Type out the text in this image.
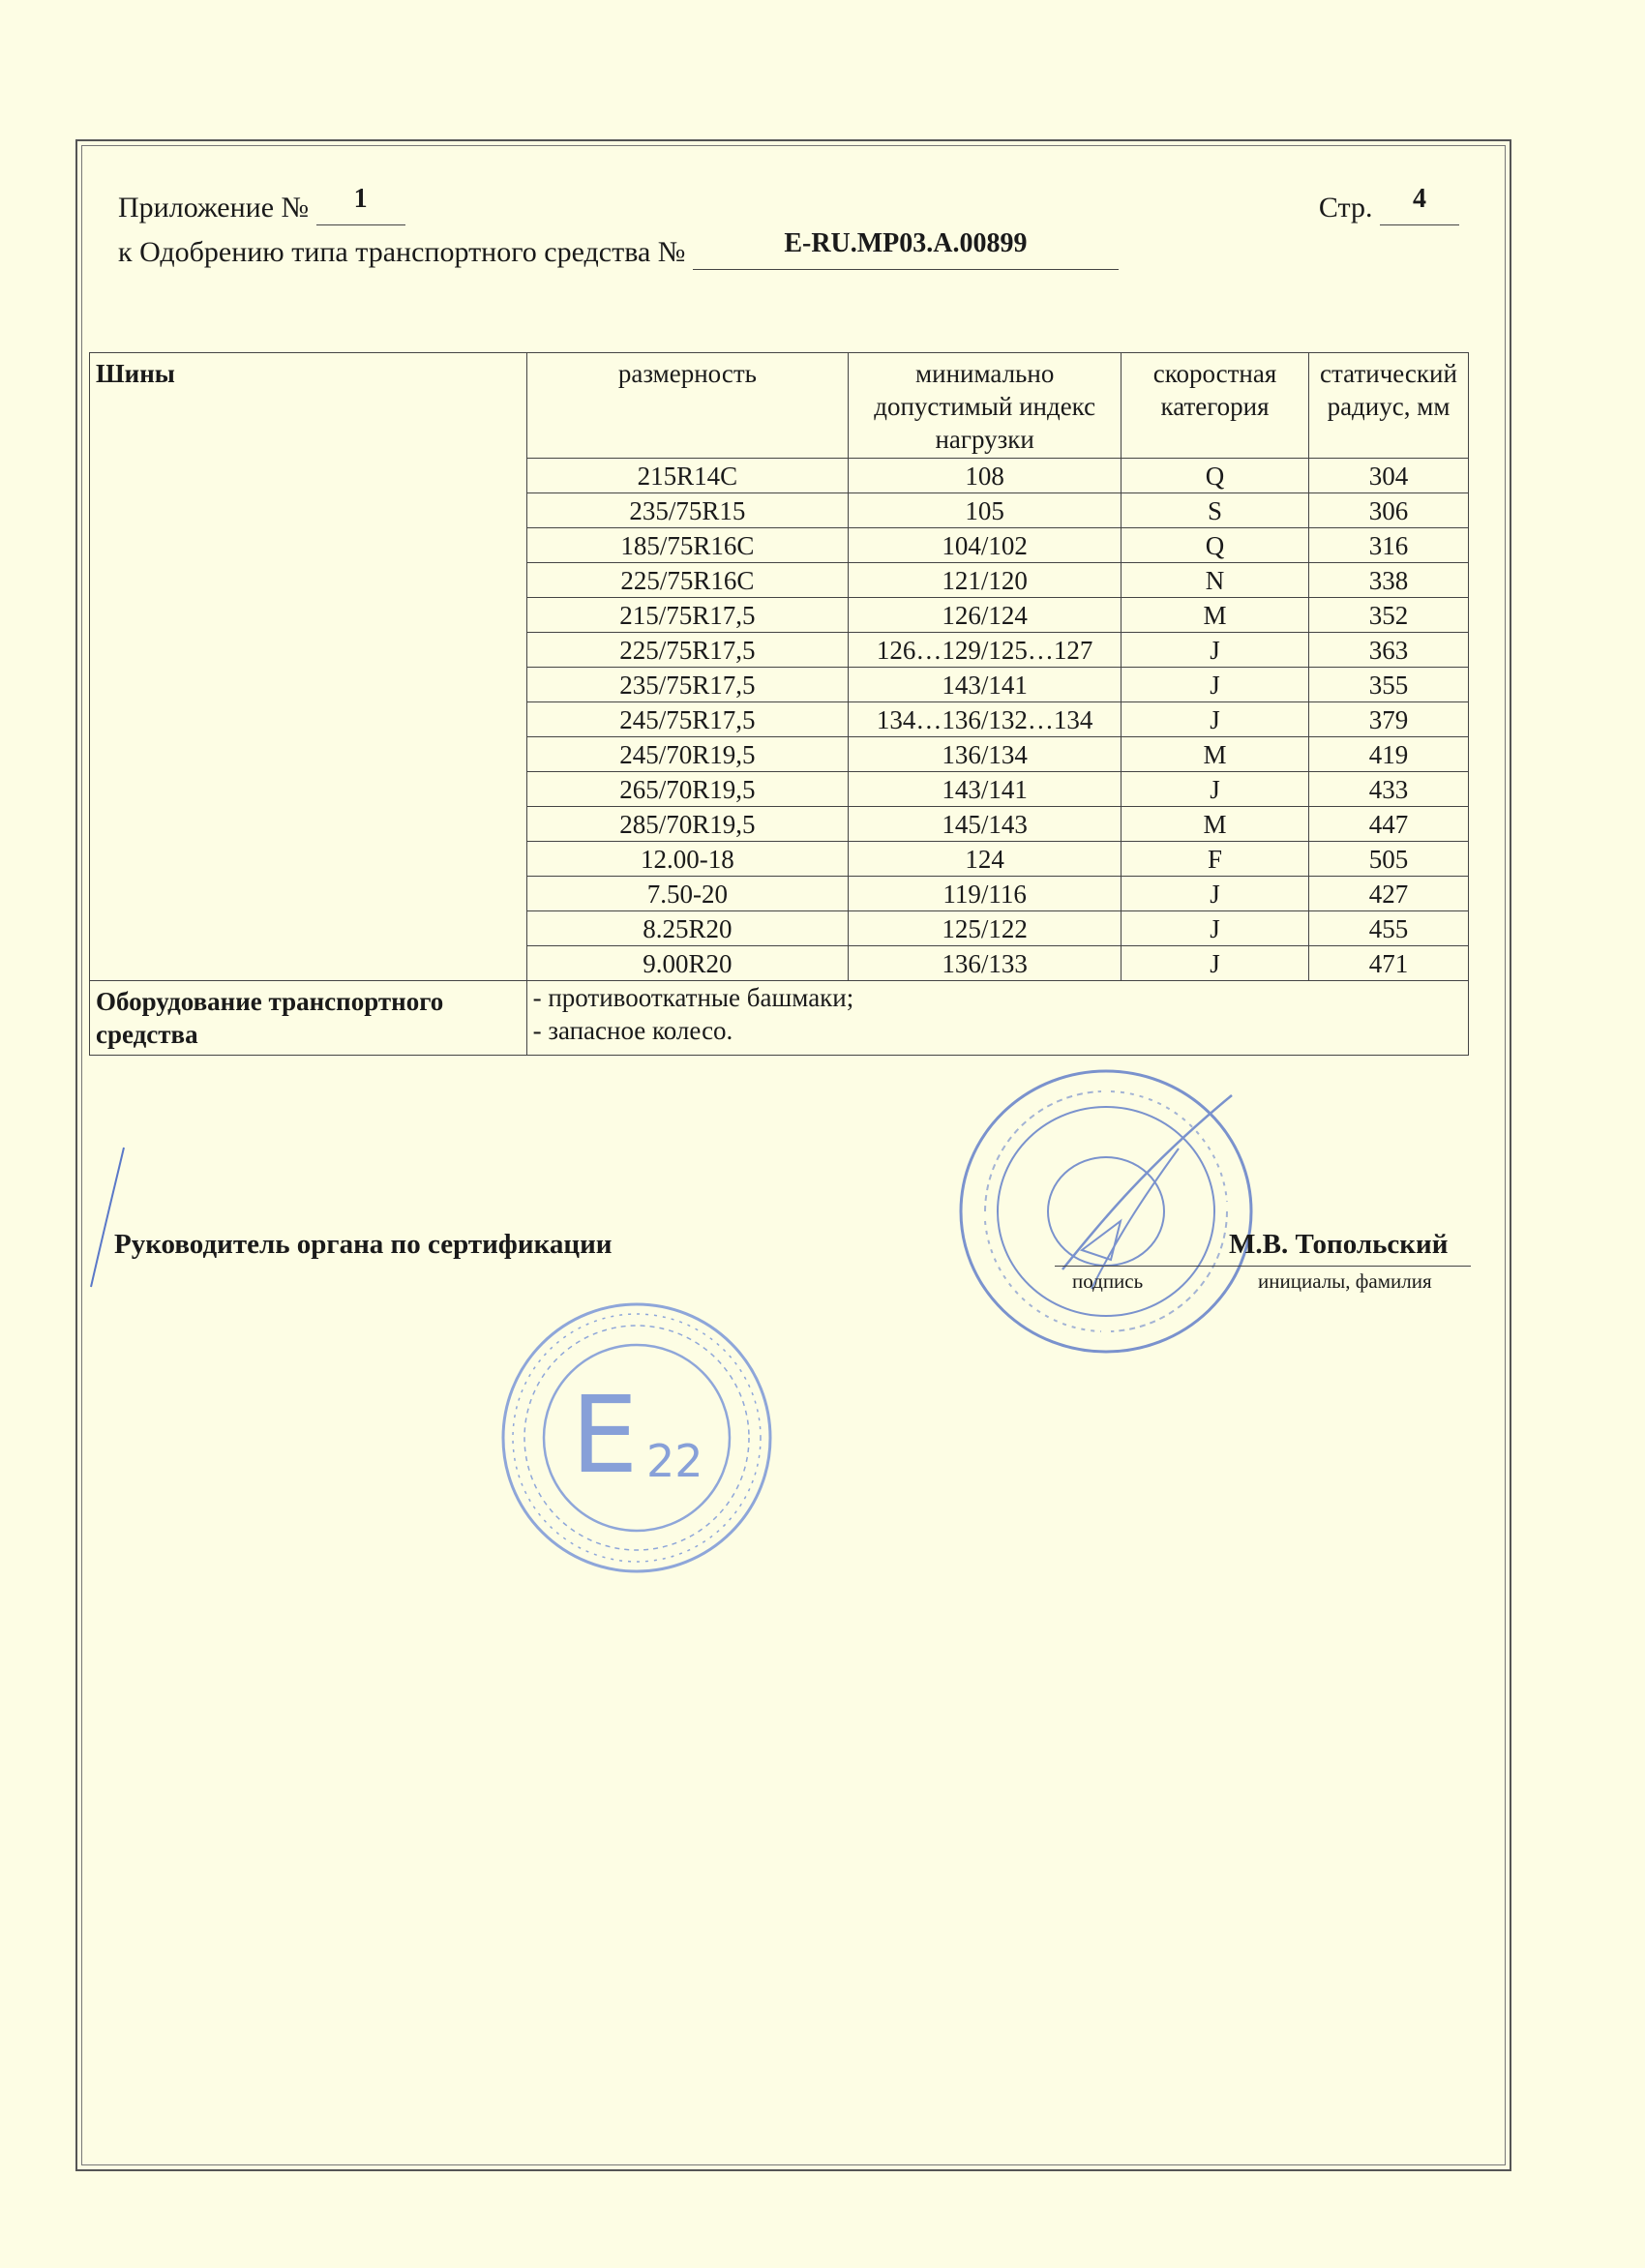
Приложение № 1	Стр. 4
к Одобрению типа транспортного средства №	E-RU.MP03.A.00899
Шины	размерность	минимально допустимый индекс нагрузки	скоростная категория	статический радиус, мм
	215R14C	108	Q	304
	235/75R15	105	S	306
	185/75R16C	104/102	Q	316
	225/75R16C	121/120	N	338
	215/75R17,5	126/124	M	352
	225/75R17,5	126…129/125…127	J	363
	235/75R17,5	143/141	J	355
	245/75R17,5	134…136/132…134	J	379
	245/70R19,5	136/134	M	419
	265/70R19,5	143/141	J	433
	285/70R19,5	145/143	M	447
	12.00-18	124	F	505
	7.50-20	119/116	J	427
	8.25R20	125/122	J	455
	9.00R20	136/133	J	471
Оборудование транспортного средства	- противооткатные башмаки;
- запасное колесо.			
E 22
Руководитель органа по сертификации	М.В. Топольский
подпись	инициалы, фамилия
